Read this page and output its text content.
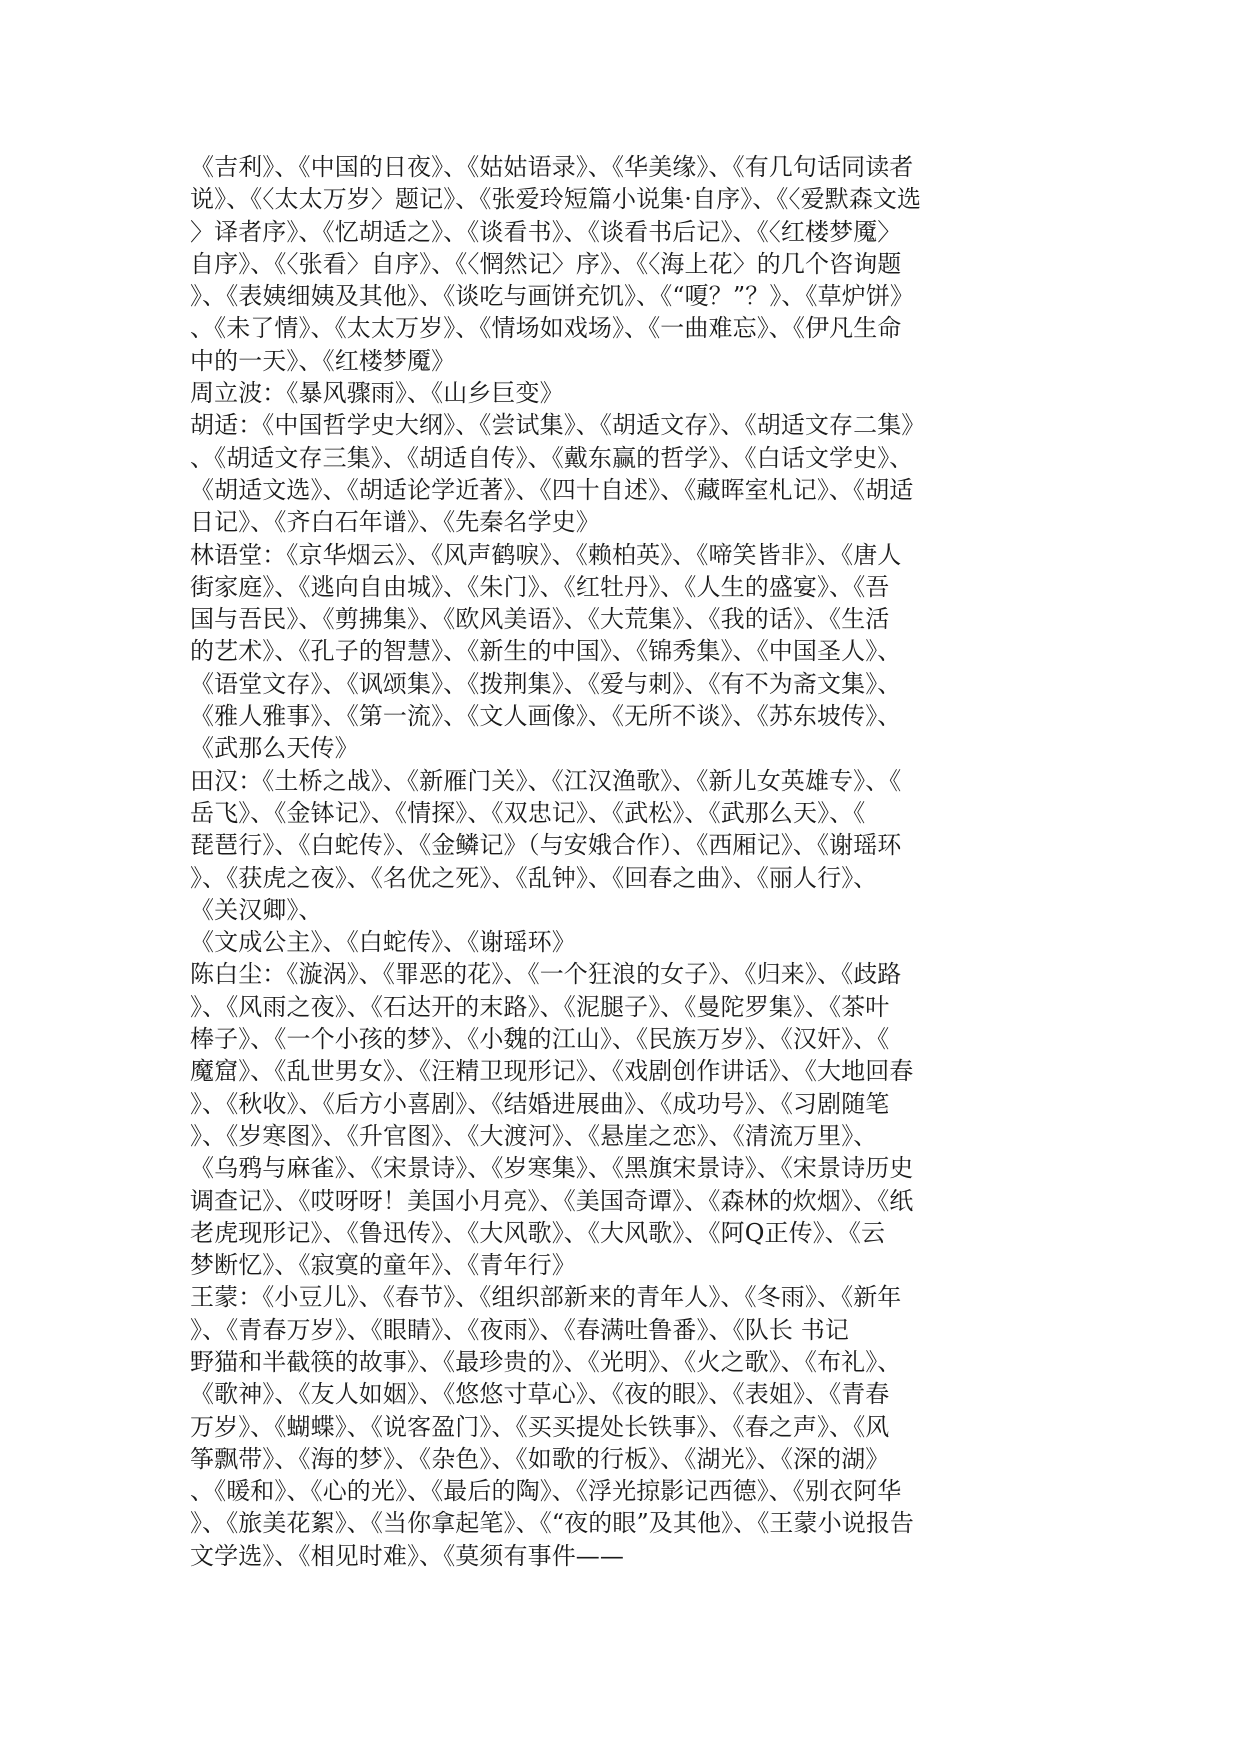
《吉利》、《中国的日夜》、《姑姑语录》、《华美缘》、《有几句话同读者
说》、《〈太太万岁〉题记》、《张爱玲短篇小说集·自序》、《〈爱默森文选
〉译者序》、《忆胡适之》、《谈看书》、《谈看书后记》、《〈红楼梦魇〉
自序》、《〈张看〉自序》、《〈惘然记〉序》、《〈海上花〉的几个咨询题
》、《表姨细姨及其他》、《谈吃与画饼充饥》、《“嗄？”？》、《草炉饼》
、《未了情》、《太太万岁》、《情场如戏场》、《一曲难忘》、《伊凡生命
中的一天》、《红楼梦魇》
周立波：《暴风骤雨》、《山乡巨变》
胡适：《中国哲学史大纲》、《尝试集》、《胡适文存》、《胡适文存二集》
、《胡适文存三集》、《胡适自传》、《戴东赢的哲学》、《白话文学史》、
《胡适文选》、《胡适论学近著》、《四十自述》、《藏晖室札记》、《胡适
日记》、《齐白石年谱》、《先秦名学史》
林语堂：《京华烟云》、《风声鹤唳》、《赖柏英》、《啼笑皆非》、《唐人
街家庭》、《逃向自由城》、《朱门》、《红牡丹》、《人生的盛宴》、《吾
国与吾民》、《剪拂集》、《欧风美语》、《大荒集》、《我的话》、《生活
的艺术》、《孔子的智慧》、《新生的中国》、《锦秀集》、《中国圣人》、
《语堂文存》、《讽颂集》、《拨荆集》、《爱与刺》、《有不为斋文集》、
《雅人雅事》、《第一流》、《文人画像》、《无所不谈》、《苏东坡传》、
《武那么天传》
田汉：《土桥之战》、《新雁门关》、《江汉渔歌》、《新儿女英雄专》、《
岳飞》、《金钵记》、《情探》、《双忠记》、《武松》、《武那么天》、《
琵琶行》、《白蛇传》、《金鳞记》（与安娥合作）、《西厢记》、《谢瑶环
》、《获虎之夜》、《名优之死》、《乱钟》、《回春之曲》、《丽人行》、
《关汉卿》、
《文成公主》、《白蛇传》、《谢瑶环》
陈白尘：《漩涡》、《罪恶的花》、《一个狂浪的女子》、《归来》、《歧路
》、《风雨之夜》、《石达开的末路》、《泥腿子》、《曼陀罗集》、《茶叶
棒子》、《一个小孩的梦》、《小魏的江山》、《民族万岁》、《汉奸》、《
魔窟》、《乱世男女》、《汪精卫现形记》、《戏剧创作讲话》、《大地回春
》、《秋收》、《后方小喜剧》、《结婚进展曲》、《成功号》、《习剧随笔
》、《岁寒图》、《升官图》、《大渡河》、《悬崖之恋》、《清流万里》、
《乌鸦与麻雀》、《宋景诗》、《岁寒集》、《黑旗宋景诗》、《宋景诗历史
调查记》、《哎呀呀！美国小月亮》、《美国奇谭》、《森林的炊烟》、《纸
老虎现形记》、《鲁迅传》、《大风歌》、《大风歌》、《阿Q正传》、《云
梦断忆》、《寂寞的童年》、《青年行》
王蒙：《小豆儿》、《春节》、《组织部新来的青年人》、《冬雨》、《新年
》、《青春万岁》、《眼睛》、《夜雨》、《春满吐鲁番》、《队长 书记
野猫和半截筷的故事》、《最珍贵的》、《光明》、《火之歌》、《布礼》、
《歌神》、《友人如姻》、《悠悠寸草心》、《夜的眼》、《表姐》、《青春
万岁》、《蝴蝶》、《说客盈门》、《买买提处长铁事》、《春之声》、《风
筝飘带》、《海的梦》、《杂色》、《如歌的行板》、《湖光》、《深的湖》
、《暖和》、《心的光》、《最后的陶》、《浮光掠影记西德》、《别衣阿华
》、《旅美花絮》、《当你拿起笔》、《“夜的眼”及其他》、《王蒙小说报告
文学选》、《相见时难》、《莫须有事件——
